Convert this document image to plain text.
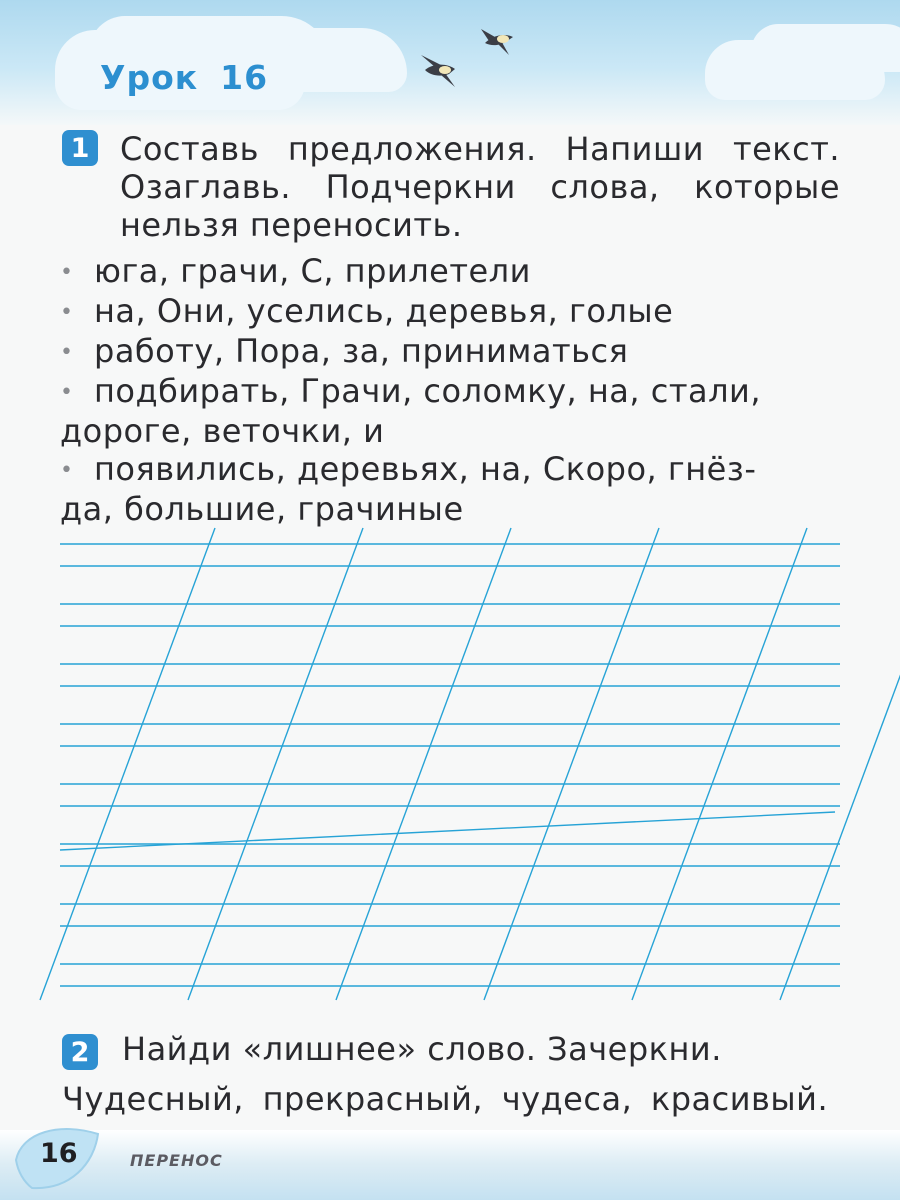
Урок 16
1 Составь предложения. Напиши текст.
Озаглавь. Подчеркни слова, которые
нельзя переносить.
• юга, грачи, С, прилетели
• на, Они, уселись, деревья, голые
• работу, Пора, за, приниматься
• подбирать, Грачи, соломку, на, стали,
дороге, веточки, и
• появились, деревьях, на, Скоро, гнёз-
да, большие, грачиные
2 Найди «лишнее» слово. Зачеркни.
Чудесный, прекрасный, чудеса, красивый.
16	ПЕРЕНОС
